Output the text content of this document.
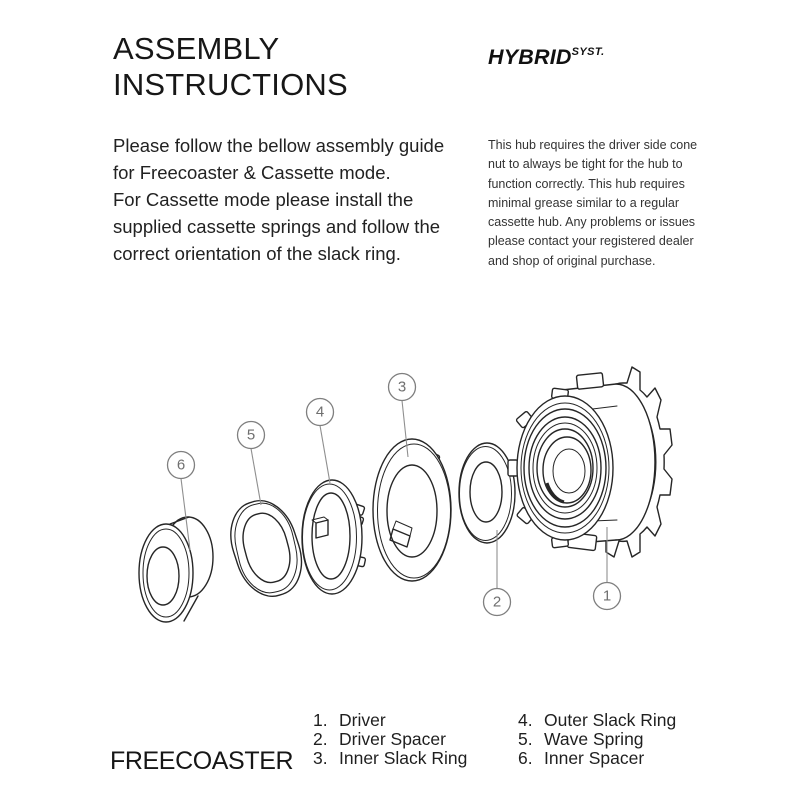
ASSEMBLY
INSTRUCTIONS
$HYBRID^{SYST.}$
Please follow the bellow assembly guide for Freecoaster & Cassette mode.
For Cassette mode please install the supplied cassette springs and follow the correct orientation of the slack ring.
This hub requires the driver side cone nut to always be tight for the hub to function correctly. This hub requires minimal grease similar to a regular cassette hub. Any problems or issues please contact your registered dealer and shop of original purchase.
1
2
3
4
5
6
FREECOASTER
1. Driver
2. Driver Spacer
3. Inner Slack Ring
4. Outer Slack Ring
5. Wave Spring
6. Inner Spacer
